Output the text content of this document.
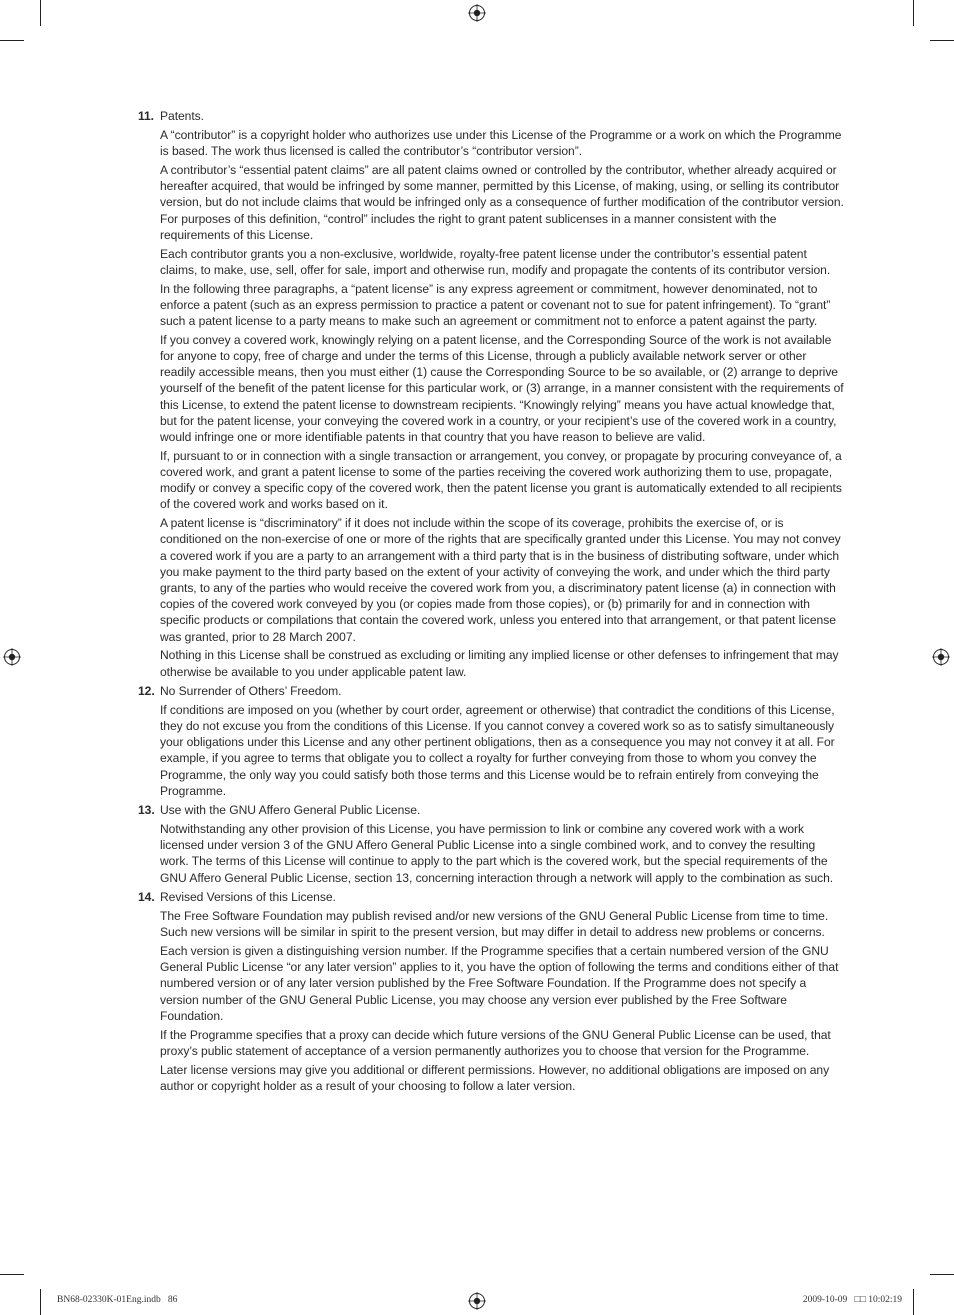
11. Patents.

A “contributor” is a copyright holder who authorizes use under this License of the Programme or a work on which the Programme is based. The work thus licensed is called the contributor’s “contributor version”.

A contributor’s “essential patent claims” are all patent claims owned or controlled by the contributor, whether already acquired or hereafter acquired, that would be infringed by some manner, permitted by this License, of making, using, or selling its contributor version, but do not include claims that would be infringed only as a consequence of further modification of the contributor version. For purposes of this definition, “control” includes the right to grant patent sublicenses in a manner consistent with the requirements of this License.

Each contributor grants you a non-exclusive, worldwide, royalty-free patent license under the contributor’s essential patent claims, to make, use, sell, offer for sale, import and otherwise run, modify and propagate the contents of its contributor version.

In the following three paragraphs, a “patent license” is any express agreement or commitment, however denominated, not to enforce a patent (such as an express permission to practice a patent or covenant not to sue for patent infringement). To “grant” such a patent license to a party means to make such an agreement or commitment not to enforce a patent against the party.

If you convey a covered work, knowingly relying on a patent license, and the Corresponding Source of the work is not available for anyone to copy, free of charge and under the terms of this License, through a publicly available network server or other readily accessible means, then you must either (1) cause the Corresponding Source to be so available, or (2) arrange to deprive yourself of the benefit of the patent license for this particular work, or (3) arrange, in a manner consistent with the requirements of this License, to extend the patent license to downstream recipients. “Knowingly relying” means you have actual knowledge that, but for the patent license, your conveying the covered work in a country, or your recipient’s use of the covered work in a country, would infringe one or more identifiable patents in that country that you have reason to believe are valid.

If, pursuant to or in connection with a single transaction or arrangement, you convey, or propagate by procuring conveyance of, a covered work, and grant a patent license to some of the parties receiving the covered work authorizing them to use, propagate, modify or convey a specific copy of the covered work, then the patent license you grant is automatically extended to all recipients of the covered work and works based on it.

A patent license is “discriminatory” if it does not include within the scope of its coverage, prohibits the exercise of, or is conditioned on the non-exercise of one or more of the rights that are specifically granted under this License. You may not convey a covered work if you are a party to an arrangement with a third party that is in the business of distributing software, under which you make payment to the third party based on the extent of your activity of conveying the work, and under which the third party grants, to any of the parties who would receive the covered work from you, a discriminatory patent license (a) in connection with copies of the covered work conveyed by you (or copies made from those copies), or (b) primarily for and in connection with specific products or compilations that contain the covered work, unless you entered into that arrangement, or that patent license was granted, prior to 28 March 2007.

Nothing in this License shall be construed as excluding or limiting any implied license or other defenses to infringement that may otherwise be available to you under applicable patent law.

12. No Surrender of Others’ Freedom.

If conditions are imposed on you (whether by court order, agreement or otherwise) that contradict the conditions of this License, they do not excuse you from the conditions of this License. If you cannot convey a covered work so as to satisfy simultaneously your obligations under this License and any other pertinent obligations, then as a consequence you may not convey it at all. For example, if you agree to terms that obligate you to collect a royalty for further conveying from those to whom you convey the Programme, the only way you could satisfy both those terms and this License would be to refrain entirely from conveying the Programme.

13. Use with the GNU Affero General Public License.

Notwithstanding any other provision of this License, you have permission to link or combine any covered work with a work licensed under version 3 of the GNU Affero General Public License into a single combined work, and to convey the resulting work. The terms of this License will continue to apply to the part which is the covered work, but the special requirements of the GNU Affero General Public License, section 13, concerning interaction through a network will apply to the combination as such.

14. Revised Versions of this License.

The Free Software Foundation may publish revised and/or new versions of the GNU General Public License from time to time. Such new versions will be similar in spirit to the present version, but may differ in detail to address new problems or concerns.

Each version is given a distinguishing version number. If the Programme specifies that a certain numbered version of the GNU General Public License “or any later version” applies to it, you have the option of following the terms and conditions either of that numbered version or of any later version published by the Free Software Foundation. If the Programme does not specify a version number of the GNU General Public License, you may choose any version ever published by the Free Software Foundation.

If the Programme specifies that a proxy can decide which future versions of the GNU General Public License can be used, that proxy’s public statement of acceptance of a version permanently authorizes you to choose that version for the Programme.

Later license versions may give you additional or different permissions. However, no additional obligations are imposed on any author or copyright holder as a result of your choosing to follow a later version.

BN68-02330K-01Eng.indb   86	2009-10-09   □□ 10:02:19
